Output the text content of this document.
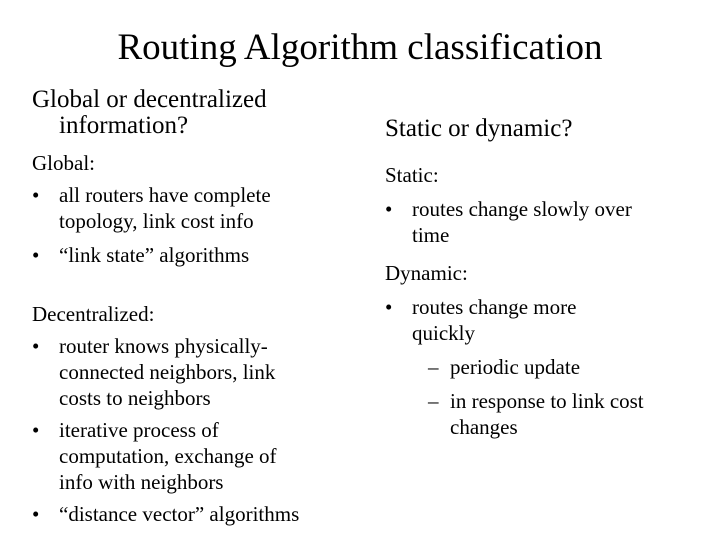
Routing Algorithm classification
Global or decentralized
information?	Static or dynamic?
Global:
• all routers have complete
topology, link cost info
• “link state” algorithms
Decentralized:
• router knows physically-
connected neighbors, link
costs to neighbors
• iterative process of
computation, exchange of
info with neighbors
• “distance vector” algorithms
Static:
• routes change slowly over
time
Dynamic:
• routes change more
quickly
– periodic update
– in response to link cost
changes
